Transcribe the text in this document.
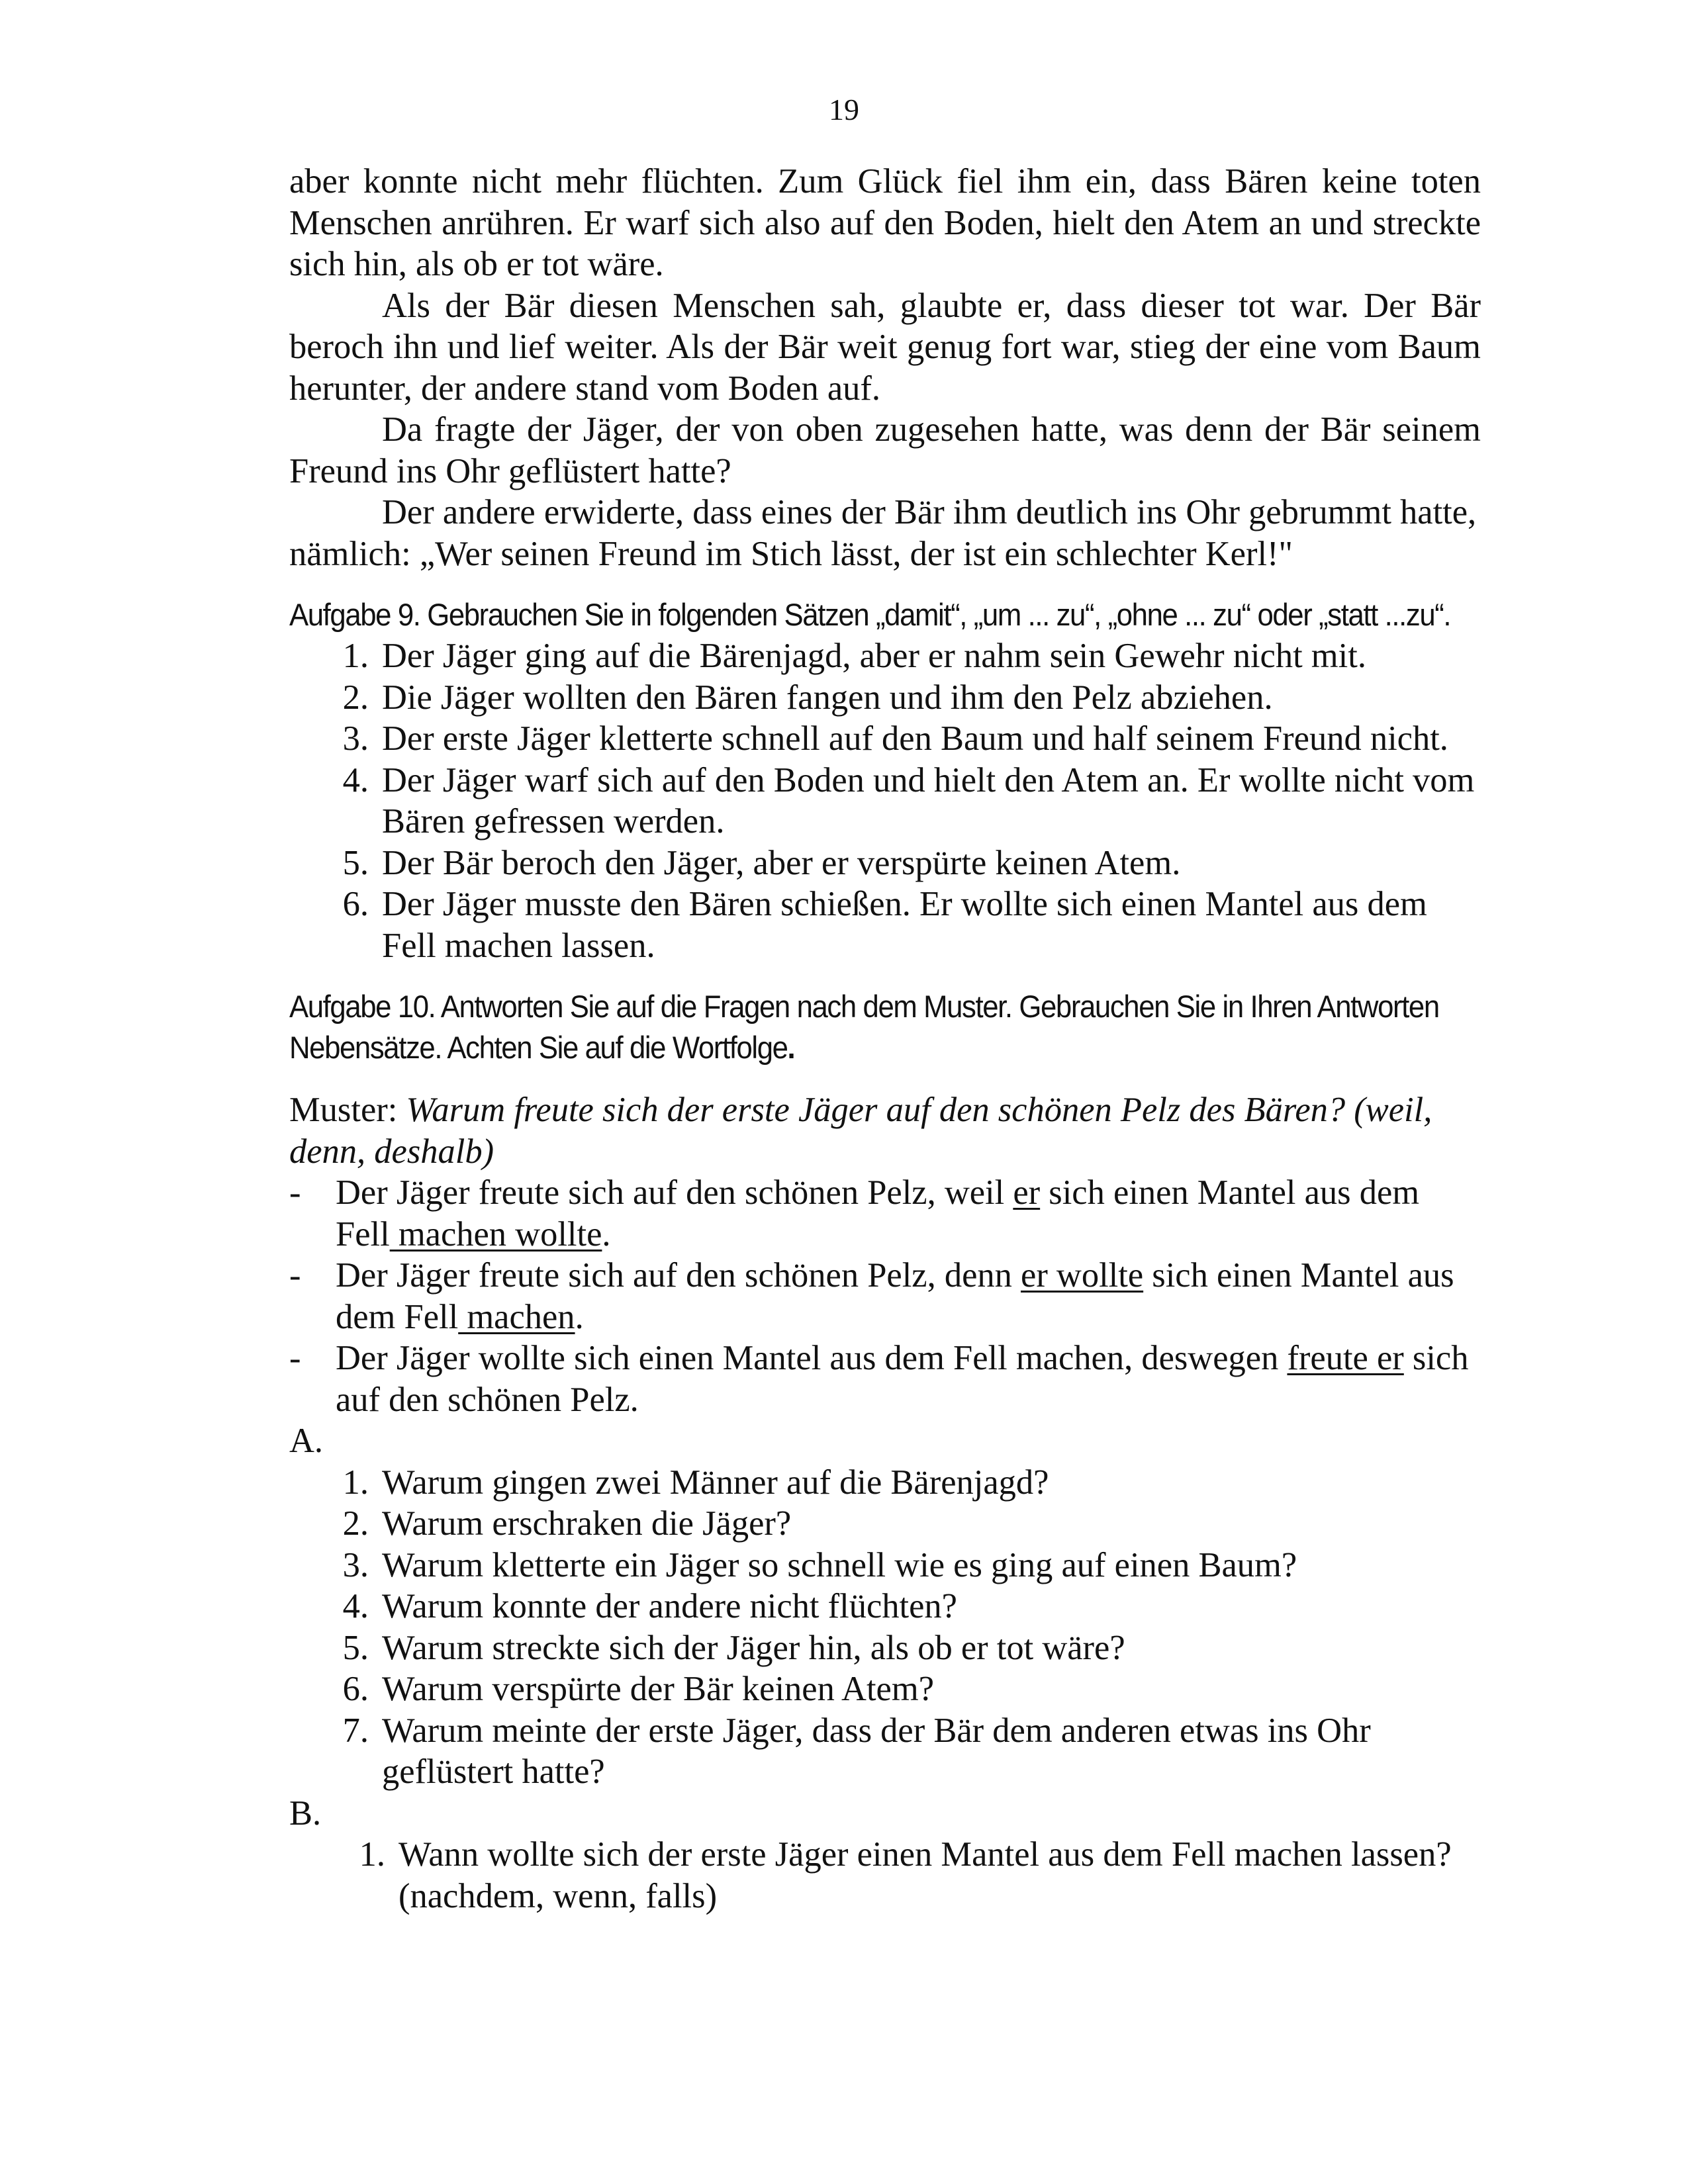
19

aber konnte nicht mehr flüchten. Zum Glück fiel ihm ein, dass Bären keine toten Menschen anrühren. Er warf sich also auf den Boden, hielt den Atem an und streckte sich hin, als ob er tot wäre.

Als der Bär diesen Menschen sah, glaubte er, dass dieser tot war. Der Bär beroch ihn und lief weiter. Als der Bär weit genug fort war, stieg der eine vom Baum herunter, der andere stand vom Boden auf.

Da fragte der Jäger, der von oben zugesehen hatte, was denn der Bär seinem Freund ins Ohr geflüstert hatte?

Der andere erwiderte, dass eines der Bär ihm deutlich ins Ohr gebrummt hatte, nämlich: „Wer seinen Freund im Stich lässt, der ist ein schlechter Kerl!"

Aufgabe 9. Gebrauchen Sie in folgenden Sätzen „damit“, „um ... zu“, „ohne ... zu“ oder „statt ...zu“.

1. Der Jäger ging auf die Bärenjagd, aber er nahm sein Gewehr nicht mit.
2. Die Jäger wollten den Bären fangen und ihm den Pelz abziehen.
3. Der erste Jäger kletterte schnell auf den Baum und half seinem Freund nicht.
4. Der Jäger warf sich auf den Boden und hielt den Atem an. Er wollte nicht vom Bären gefressen werden.
5. Der Bär beroch den Jäger, aber er verspürte keinen Atem.
6. Der Jäger musste den Bären schießen. Er wollte sich einen Mantel aus dem Fell machen lassen.

Aufgabe 10. Antworten Sie auf die Fragen nach dem Muster. Gebrauchen Sie in Ihren Antworten Nebensätze. Achten Sie auf die Wortfolge.

Muster: Warum freute sich der erste Jäger auf den schönen Pelz des Bären? (weil, denn, deshalb)

- Der Jäger freute sich auf den schönen Pelz, weil er sich einen Mantel aus dem Fell machen wollte.
- Der Jäger freute sich auf den schönen Pelz, denn er wollte sich einen Mantel aus dem Fell machen.
- Der Jäger wollte sich einen Mantel aus dem Fell machen, deswegen freute er sich auf den schönen Pelz.

A.

1. Warum gingen zwei Männer auf die Bärenjagd?
2. Warum erschraken die Jäger?
3. Warum kletterte ein Jäger so schnell wie es ging auf einen Baum?
4. Warum konnte der andere nicht flüchten?
5. Warum streckte sich der Jäger hin, als ob er tot wäre?
6. Warum verspürte der Bär keinen Atem?
7. Warum meinte der erste Jäger, dass der Bär dem anderen etwas ins Ohr geflüstert hatte?

B.

1. Wann wollte sich der erste Jäger einen Mantel aus dem Fell machen lassen? (nachdem, wenn, falls)
